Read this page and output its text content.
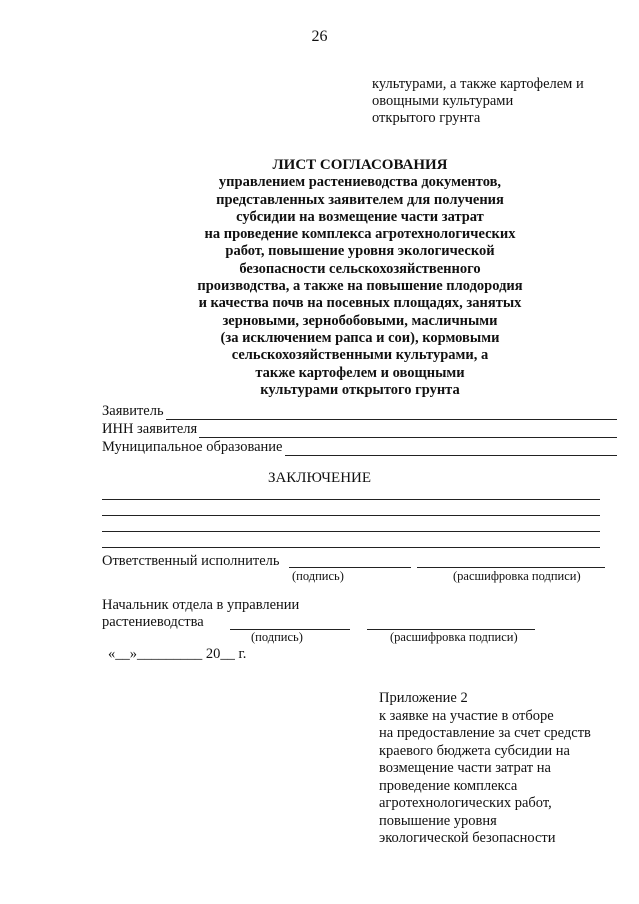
26
культурами, а также картофелем и
овощными культурами
открытого грунта
ЛИСТ СОГЛАСОВАНИЯ
управлением растениеводства документов,
представленных заявителем для получения
субсидии на возмещение части затрат
на проведение комплекса агротехнологических
работ, повышение уровня экологической
безопасности сельскохозяйственного
производства, а также на повышение плодородия
и качества почв на посевных площадях, занятых
зерновыми, зернобобовыми, масличными
(за исключением рапса и сои), кормовыми
сельскохозяйственными культурами, а
также картофелем и овощными
культурами открытого грунта
Заявитель
ИНН заявителя
Муниципальное образование
ЗАКЛЮЧЕНИЕ
Ответственный исполнитель
(подпись)	(расшифровка подписи)
Начальник отдела в управлении
растениеводства
(подпись)	(расшифровка подписи)
«__»_________ 20__ г.
Приложение 2
к заявке на участие в отборе
на предоставление за счет средств
краевого бюджета субсидии на
возмещение части затрат на
проведение комплекса
агротехнологических работ,
повышение уровня
экологической безопасности
